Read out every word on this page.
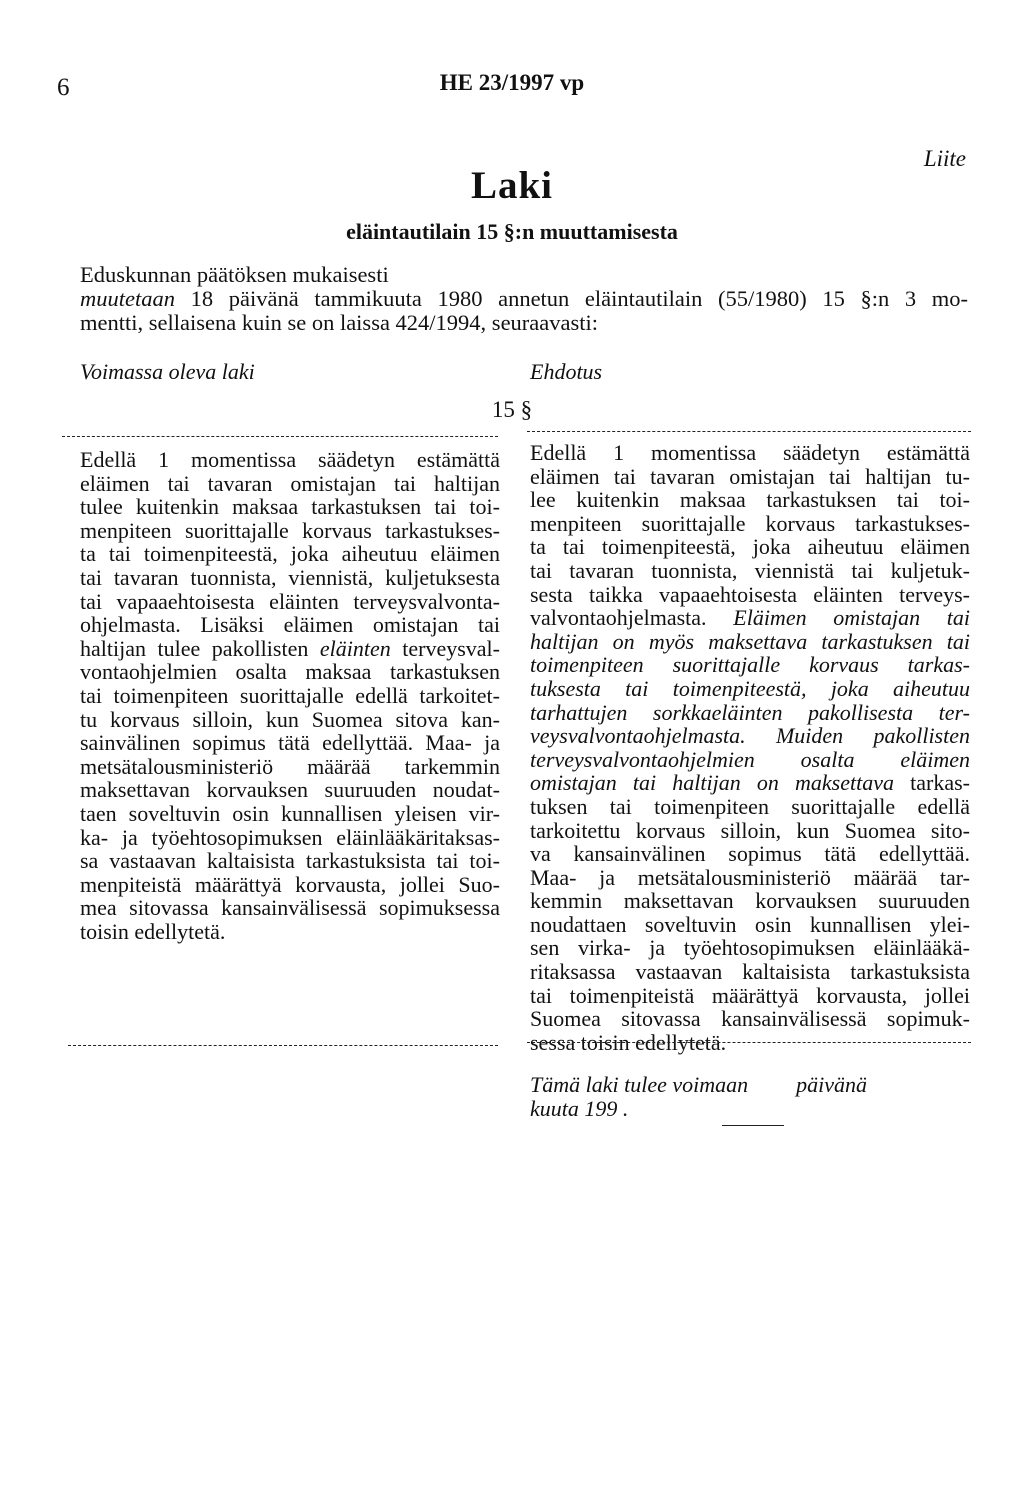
6	HE 23/1997 vp
Liite
Laki
eläintautilain 15 §:n muuttamisesta
Eduskunnan päätöksen mukaisesti
muutetaan 18 päivänä tammikuuta 1980 annetun eläintautilain (55/1980) 15 §:n 3 mo-
mentti, sellaisena kuin se on laissa 424/1994, seuraavasti:
Voimassa oleva laki	Ehdotus
15 §
Edellä 1 momentissa säädetyn estämättä
eläimen tai tavaran omistajan tai haltijan
tulee kuitenkin maksaa tarkastuksen tai toi-
menpiteen suorittajalle korvaus tarkastukses-
ta tai toimenpiteestä, joka aiheutuu eläimen
tai tavaran tuonnista, viennistä, kuljetuksesta
tai vapaaehtoisesta eläinten terveysvalvonta-
ohjelmasta. Lisäksi eläimen omistajan tai
haltijan tulee pakollisten eläinten terveysval-
vontaohjelmien osalta maksaa tarkastuksen
tai toimenpiteen suorittajalle edellä tarkoitet-
tu korvaus silloin, kun Suomea sitova kan-
sainvälinen sopimus tätä edellyttää. Maa- ja
metsätalousministeriö määrää tarkemmin
maksettavan korvauksen suuruuden noudat-
taen soveltuvin osin kunnallisen yleisen vir-
ka- ja työehtosopimuksen eläinlääkäritaksas-
sa vastaavan kaltaisista tarkastuksista tai toi-
menpiteistä määrättyä korvausta, jollei Suo-
mea sitovassa kansainvälisessä sopimuksessa
toisin edellytetä.
Edellä 1 momentissa säädetyn estämättä
eläimen tai tavaran omistajan tai haltijan tu-
lee kuitenkin maksaa tarkastuksen tai toi-
menpiteen suorittajalle korvaus tarkastukses-
ta tai toimenpiteestä, joka aiheutuu eläimen
tai tavaran tuonnista, viennistä tai kuljetuk-
sesta taikka vapaaehtoisesta eläinten terveys-
valvontaohjelmasta. Eläimen omistajan tai
haltijan on myös maksettava tarkastuksen tai
toimenpiteen suorittajalle korvaus tarkas-
tuksesta tai toimenpiteestä, joka aiheutuu
tarhattujen sorkkaeläinten pakollisesta ter-
veysvalvontaohjelmasta. Muiden pakollisten
terveysvalvontaohjelmien osalta eläimen
omistajan tai haltijan on maksettava tarkas-
tuksen tai toimenpiteen suorittajalle edellä
tarkoitettu korvaus silloin, kun Suomea sito-
va kansainvälinen sopimus tätä edellyttää.
Maa- ja metsätalousministeriö määrää tar-
kemmin maksettavan korvauksen suuruuden
noudattaen soveltuvin osin kunnallisen ylei-
sen virka- ja työehtosopimuksen eläinlääkä-
ritaksassa vastaavan kaltaisista tarkastuksista
tai toimenpiteistä määrättyä korvausta, jollei
Suomea sitovassa kansainvälisessä sopimuk-
sessa toisin edellytetä.
Tämä laki tulee voimaan päivänä
kuuta 199 .
